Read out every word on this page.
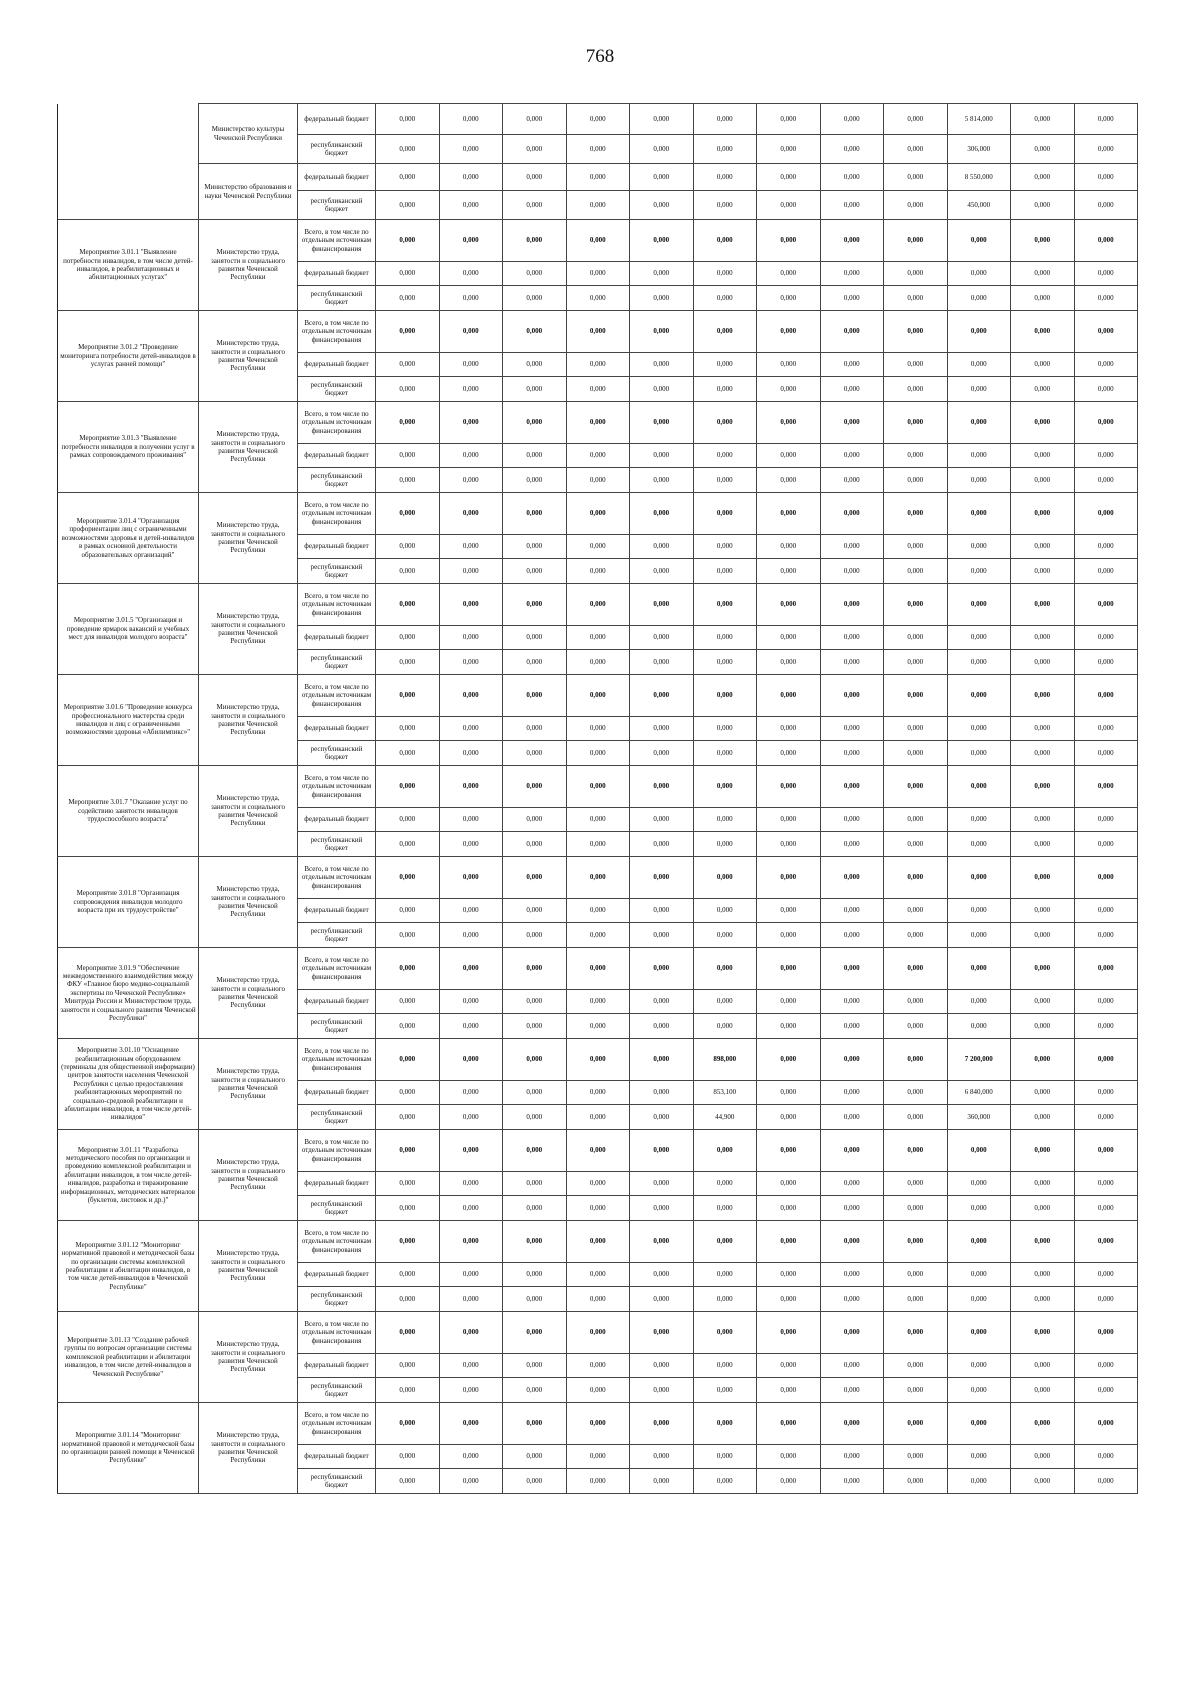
768
	Министерство культуры Чеченской Республики	федеральный бюджет	0,000	0,000	0,000	0,000	0,000	0,000	0,000	0,000	0,000	5 814,000	0,000	0,000
		республиканский бюджет	0,000	0,000	0,000	0,000	0,000	0,000	0,000	0,000	0,000	306,000	0,000	0,000
	Министерство образования и науки Чеченской Республики	федеральный бюджет	0,000	0,000	0,000	0,000	0,000	0,000	0,000	0,000	0,000	8 550,000	0,000	0,000
		республиканский бюджет	0,000	0,000	0,000	0,000	0,000	0,000	0,000	0,000	0,000	450,000	0,000	0,000
Мероприятие 3.01.1 "Выявление потребности инвалидов, в том числе детей-инвалидов, в реабилитационных и абилитационных услугах"	Министерство труда, занятости и социального развития Чеченской Республики	Всего, в том числе по отдельным источникам финансирования	0,000	0,000	0,000	0,000	0,000	0,000	0,000	0,000	0,000	0,000	0,000	0,000
		федеральный бюджет	0,000	0,000	0,000	0,000	0,000	0,000	0,000	0,000	0,000	0,000	0,000	0,000
		республиканский бюджет	0,000	0,000	0,000	0,000	0,000	0,000	0,000	0,000	0,000	0,000	0,000	0,000
Мероприятие 3.01.2 "Проведение мониторинга потребности детей-инвалидов в услугах ранней помощи"	Министерство труда, занятости и социального развития Чеченской Республики	Всего, в том числе по отдельным источникам финансирования	0,000	0,000	0,000	0,000	0,000	0,000	0,000	0,000	0,000	0,000	0,000	0,000
		федеральный бюджет	0,000	0,000	0,000	0,000	0,000	0,000	0,000	0,000	0,000	0,000	0,000	0,000
		республиканский бюджет	0,000	0,000	0,000	0,000	0,000	0,000	0,000	0,000	0,000	0,000	0,000	0,000
Мероприятие 3.01.3 "Выявление потребности инвалидов в получении услуг в рамках сопровождаемого проживания"	Министерство труда, занятости и социального развития Чеченской Республики	Всего, в том числе по отдельным источникам финансирования	0,000	0,000	0,000	0,000	0,000	0,000	0,000	0,000	0,000	0,000	0,000	0,000
		федеральный бюджет	0,000	0,000	0,000	0,000	0,000	0,000	0,000	0,000	0,000	0,000	0,000	0,000
		республиканский бюджет	0,000	0,000	0,000	0,000	0,000	0,000	0,000	0,000	0,000	0,000	0,000	0,000
Мероприятие 3.01.4 "Организация профориентации лиц с ограниченными возможностями здоровья и детей-инвалидов в рамках основной деятельности образовательных организаций"	Министерство труда, занятости и социального развития Чеченской Республики	Всего, в том числе по отдельным источникам финансирования	0,000	0,000	0,000	0,000	0,000	0,000	0,000	0,000	0,000	0,000	0,000	0,000
		федеральный бюджет	0,000	0,000	0,000	0,000	0,000	0,000	0,000	0,000	0,000	0,000	0,000	0,000
		республиканский бюджет	0,000	0,000	0,000	0,000	0,000	0,000	0,000	0,000	0,000	0,000	0,000	0,000
Мероприятие 3.01.5 "Организация и проведение ярмарок вакансий и учебных мест для инвалидов молодого возраста"	Министерство труда, занятости и социального развития Чеченской Республики	Всего, в том числе по отдельным источникам финансирования	0,000	0,000	0,000	0,000	0,000	0,000	0,000	0,000	0,000	0,000	0,000	0,000
		федеральный бюджет	0,000	0,000	0,000	0,000	0,000	0,000	0,000	0,000	0,000	0,000	0,000	0,000
		республиканский бюджет	0,000	0,000	0,000	0,000	0,000	0,000	0,000	0,000	0,000	0,000	0,000	0,000
Мероприятие 3.01.6 "Проведение конкурса профессионального мастерства среди инвалидов и лиц с ограниченными возможностями здоровья «Абилимпикс»"	Министерство труда, занятости и социального развития Чеченской Республики	Всего, в том числе по отдельным источникам финансирования	0,000	0,000	0,000	0,000	0,000	0,000	0,000	0,000	0,000	0,000	0,000	0,000
		федеральный бюджет	0,000	0,000	0,000	0,000	0,000	0,000	0,000	0,000	0,000	0,000	0,000	0,000
		республиканский бюджет	0,000	0,000	0,000	0,000	0,000	0,000	0,000	0,000	0,000	0,000	0,000	0,000
Мероприятие 3.01.7 "Оказание услуг по содействию занятости инвалидов трудоспособного возраста"	Министерство труда, занятости и социального развития Чеченской Республики	Всего, в том числе по отдельным источникам финансирования	0,000	0,000	0,000	0,000	0,000	0,000	0,000	0,000	0,000	0,000	0,000	0,000
		федеральный бюджет	0,000	0,000	0,000	0,000	0,000	0,000	0,000	0,000	0,000	0,000	0,000	0,000
		республиканский бюджет	0,000	0,000	0,000	0,000	0,000	0,000	0,000	0,000	0,000	0,000	0,000	0,000
Мероприятие 3.01.8 "Организация сопровождения инвалидов молодого возраста при их трудоустройстве"	Министерство труда, занятости и социального развития Чеченской Республики	Всего, в том числе по отдельным источникам финансирования	0,000	0,000	0,000	0,000	0,000	0,000	0,000	0,000	0,000	0,000	0,000	0,000
		федеральный бюджет	0,000	0,000	0,000	0,000	0,000	0,000	0,000	0,000	0,000	0,000	0,000	0,000
		республиканский бюджет	0,000	0,000	0,000	0,000	0,000	0,000	0,000	0,000	0,000	0,000	0,000	0,000
Мероприятие 3.01.9 "Обеспечение межведомственного взаимодействия между ФКУ «Главное бюро медико-социальной экспертизы по Чеченской Республике» Минтруда России и Министерством труда, занятости и социального развития Чеченской Республики"	Министерство труда, занятости и социального развития Чеченской Республики	Всего, в том числе по отдельным источникам финансирования	0,000	0,000	0,000	0,000	0,000	0,000	0,000	0,000	0,000	0,000	0,000	0,000
		федеральный бюджет	0,000	0,000	0,000	0,000	0,000	0,000	0,000	0,000	0,000	0,000	0,000	0,000
		республиканский бюджет	0,000	0,000	0,000	0,000	0,000	0,000	0,000	0,000	0,000	0,000	0,000	0,000
Мероприятие 3.01.10 "Оснащение реабилитационным оборудованием (терминалы для общественной информации) центров занятости населения Чеченской Республики с целью предоставления реабилитационных мероприятий по социально-средовой реабилитации и абилитации инвалидов, в том числе детей-инвалидов"	Министерство труда, занятости и социального развития Чеченской Республики	Всего, в том числе по отдельным источникам финансирования	0,000	0,000	0,000	0,000	0,000	898,000	0,000	0,000	0,000	7 200,000	0,000	0,000
		федеральный бюджет	0,000	0,000	0,000	0,000	0,000	853,100	0,000	0,000	0,000	6 840,000	0,000	0,000
		республиканский бюджет	0,000	0,000	0,000	0,000	0,000	44,900	0,000	0,000	0,000	360,000	0,000	0,000
Мероприятие 3.01.11 "Разработка методического пособия по организации и проведению комплексной реабилитации и абилитации инвалидов, в том числе детей-инвалидов, разработка и тиражирование информационных, методических материалов (буклетов, листовок и др.)"	Министерство труда, занятости и социального развития Чеченской Республики	Всего, в том числе по отдельным источникам финансирования	0,000	0,000	0,000	0,000	0,000	0,000	0,000	0,000	0,000	0,000	0,000	0,000
		федеральный бюджет	0,000	0,000	0,000	0,000	0,000	0,000	0,000	0,000	0,000	0,000	0,000	0,000
		республиканский бюджет	0,000	0,000	0,000	0,000	0,000	0,000	0,000	0,000	0,000	0,000	0,000	0,000
Мероприятие 3.01.12 "Мониторинг нормативной правовой и методической базы по организации системы комплексной реабилитации и абилитации инвалидов, в том числе детей-инвалидов в Чеченской Республике"	Министерство труда, занятости и социального развития Чеченской Республики	Всего, в том числе по отдельным источникам финансирования	0,000	0,000	0,000	0,000	0,000	0,000	0,000	0,000	0,000	0,000	0,000	0,000
		федеральный бюджет	0,000	0,000	0,000	0,000	0,000	0,000	0,000	0,000	0,000	0,000	0,000	0,000
		республиканский бюджет	0,000	0,000	0,000	0,000	0,000	0,000	0,000	0,000	0,000	0,000	0,000	0,000
Мероприятие 3.01.13 "Создание рабочей группы по вопросам организации системы комплексной реабилитации и абилитации инвалидов, в том числе детей-инвалидов в Чеченской Республике"	Министерство труда, занятости и социального развития Чеченской Республики	Всего, в том числе по отдельным источникам финансирования	0,000	0,000	0,000	0,000	0,000	0,000	0,000	0,000	0,000	0,000	0,000	0,000
		федеральный бюджет	0,000	0,000	0,000	0,000	0,000	0,000	0,000	0,000	0,000	0,000	0,000	0,000
		республиканский бюджет	0,000	0,000	0,000	0,000	0,000	0,000	0,000	0,000	0,000	0,000	0,000	0,000
Мероприятие 3.01.14 "Мониторинг нормативной правовой и методической базы по организации ранней помощи в Чеченской Республике"	Министерство труда, занятости и социального развития Чеченской Республики	Всего, в том числе по отдельным источникам финансирования	0,000	0,000	0,000	0,000	0,000	0,000	0,000	0,000	0,000	0,000	0,000	0,000
		федеральный бюджет	0,000	0,000	0,000	0,000	0,000	0,000	0,000	0,000	0,000	0,000	0,000	0,000
		республиканский бюджет	0,000	0,000	0,000	0,000	0,000	0,000	0,000	0,000	0,000	0,000	0,000	0,000
